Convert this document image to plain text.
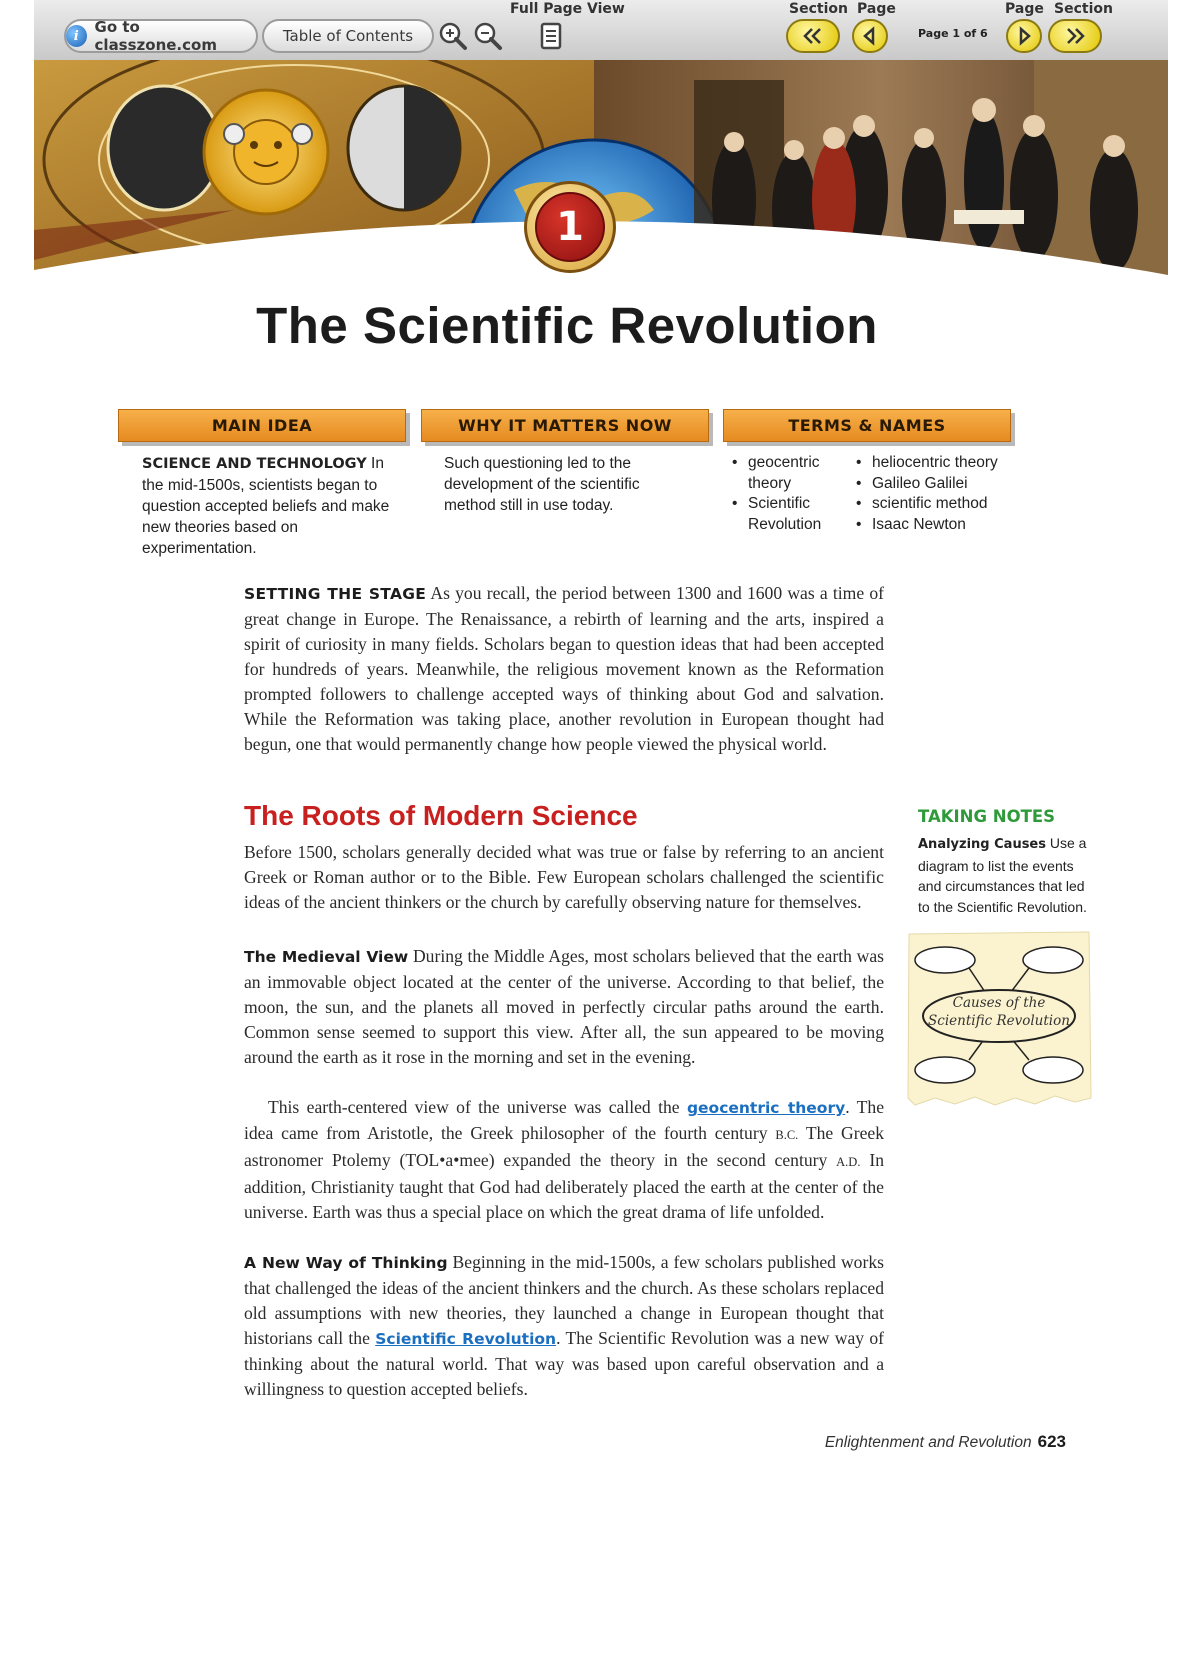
i	Go to classzone.com	Table of Contents
Full Page View	Section Page
Page 1 of 6
Page Section
1
The Scientific Revolution
MAIN IDEA	WHY IT MATTERS NOW	TERMS & NAMES
SCIENCE AND TECHNOLOGY In the mid-1500s, scientists began to question accepted beliefs and make new theories based on experimentation.
Such questioning led to the development of the scientific method still in use today.
• geocentric theory
• Scientific Revolution
• heliocentric theory
• Galileo Galilei
• scientific method
• Isaac Newton
SETTING THE STAGE As you recall, the period between 1300 and 1600 was a time of great change in Europe. The Renaissance, a rebirth of learning and the arts, inspired a spirit of curiosity in many fields. Scholars began to question ideas that had been accepted for hundreds of years. Meanwhile, the religious movement known as the Reformation prompted followers to challenge accepted ways of thinking about God and salvation. While the Reformation was taking place, another revolution in European thought had begun, one that would permanently change how people viewed the physical world.
The Roots of Modern Science
Before 1500, scholars generally decided what was true or false by referring to an ancient Greek or Roman author or to the Bible. Few European scholars challenged the scientific ideas of the ancient thinkers or the church by carefully observing nature for themselves.
The Medieval View During the Middle Ages, most scholars believed that the earth was an immovable object located at the center of the universe. According to that belief, the moon, the sun, and the planets all moved in perfectly circular paths around the earth. Common sense seemed to support this view. After all, the sun appeared to be moving around the earth as it rose in the morning and set in the evening.
This earth-centered view of the universe was called the geocentric theory. The idea came from Aristotle, the Greek philosopher of the fourth century B.C. The Greek astronomer Ptolemy (TOL•a•mee) expanded the theory in the second century A.D. In addition, Christianity taught that God had deliberately placed the earth at the center of the universe. Earth was thus a special place on which the great drama of life unfolded.
A New Way of Thinking Beginning in the mid-1500s, a few scholars published works that challenged the ideas of the ancient thinkers and the church. As these scholars replaced old assumptions with new theories, they launched a change in European thought that historians call the Scientific Revolution. The Scientific Revolution was a new way of thinking about the natural world. That way was based upon careful observation and a willingness to question accepted beliefs.
TAKING NOTES
Analyzing Causes Use a diagram to list the events and circumstances that led to the Scientific Revolution.
Causes of the
Scientific Revolution
Enlightenment and Revolution 623
